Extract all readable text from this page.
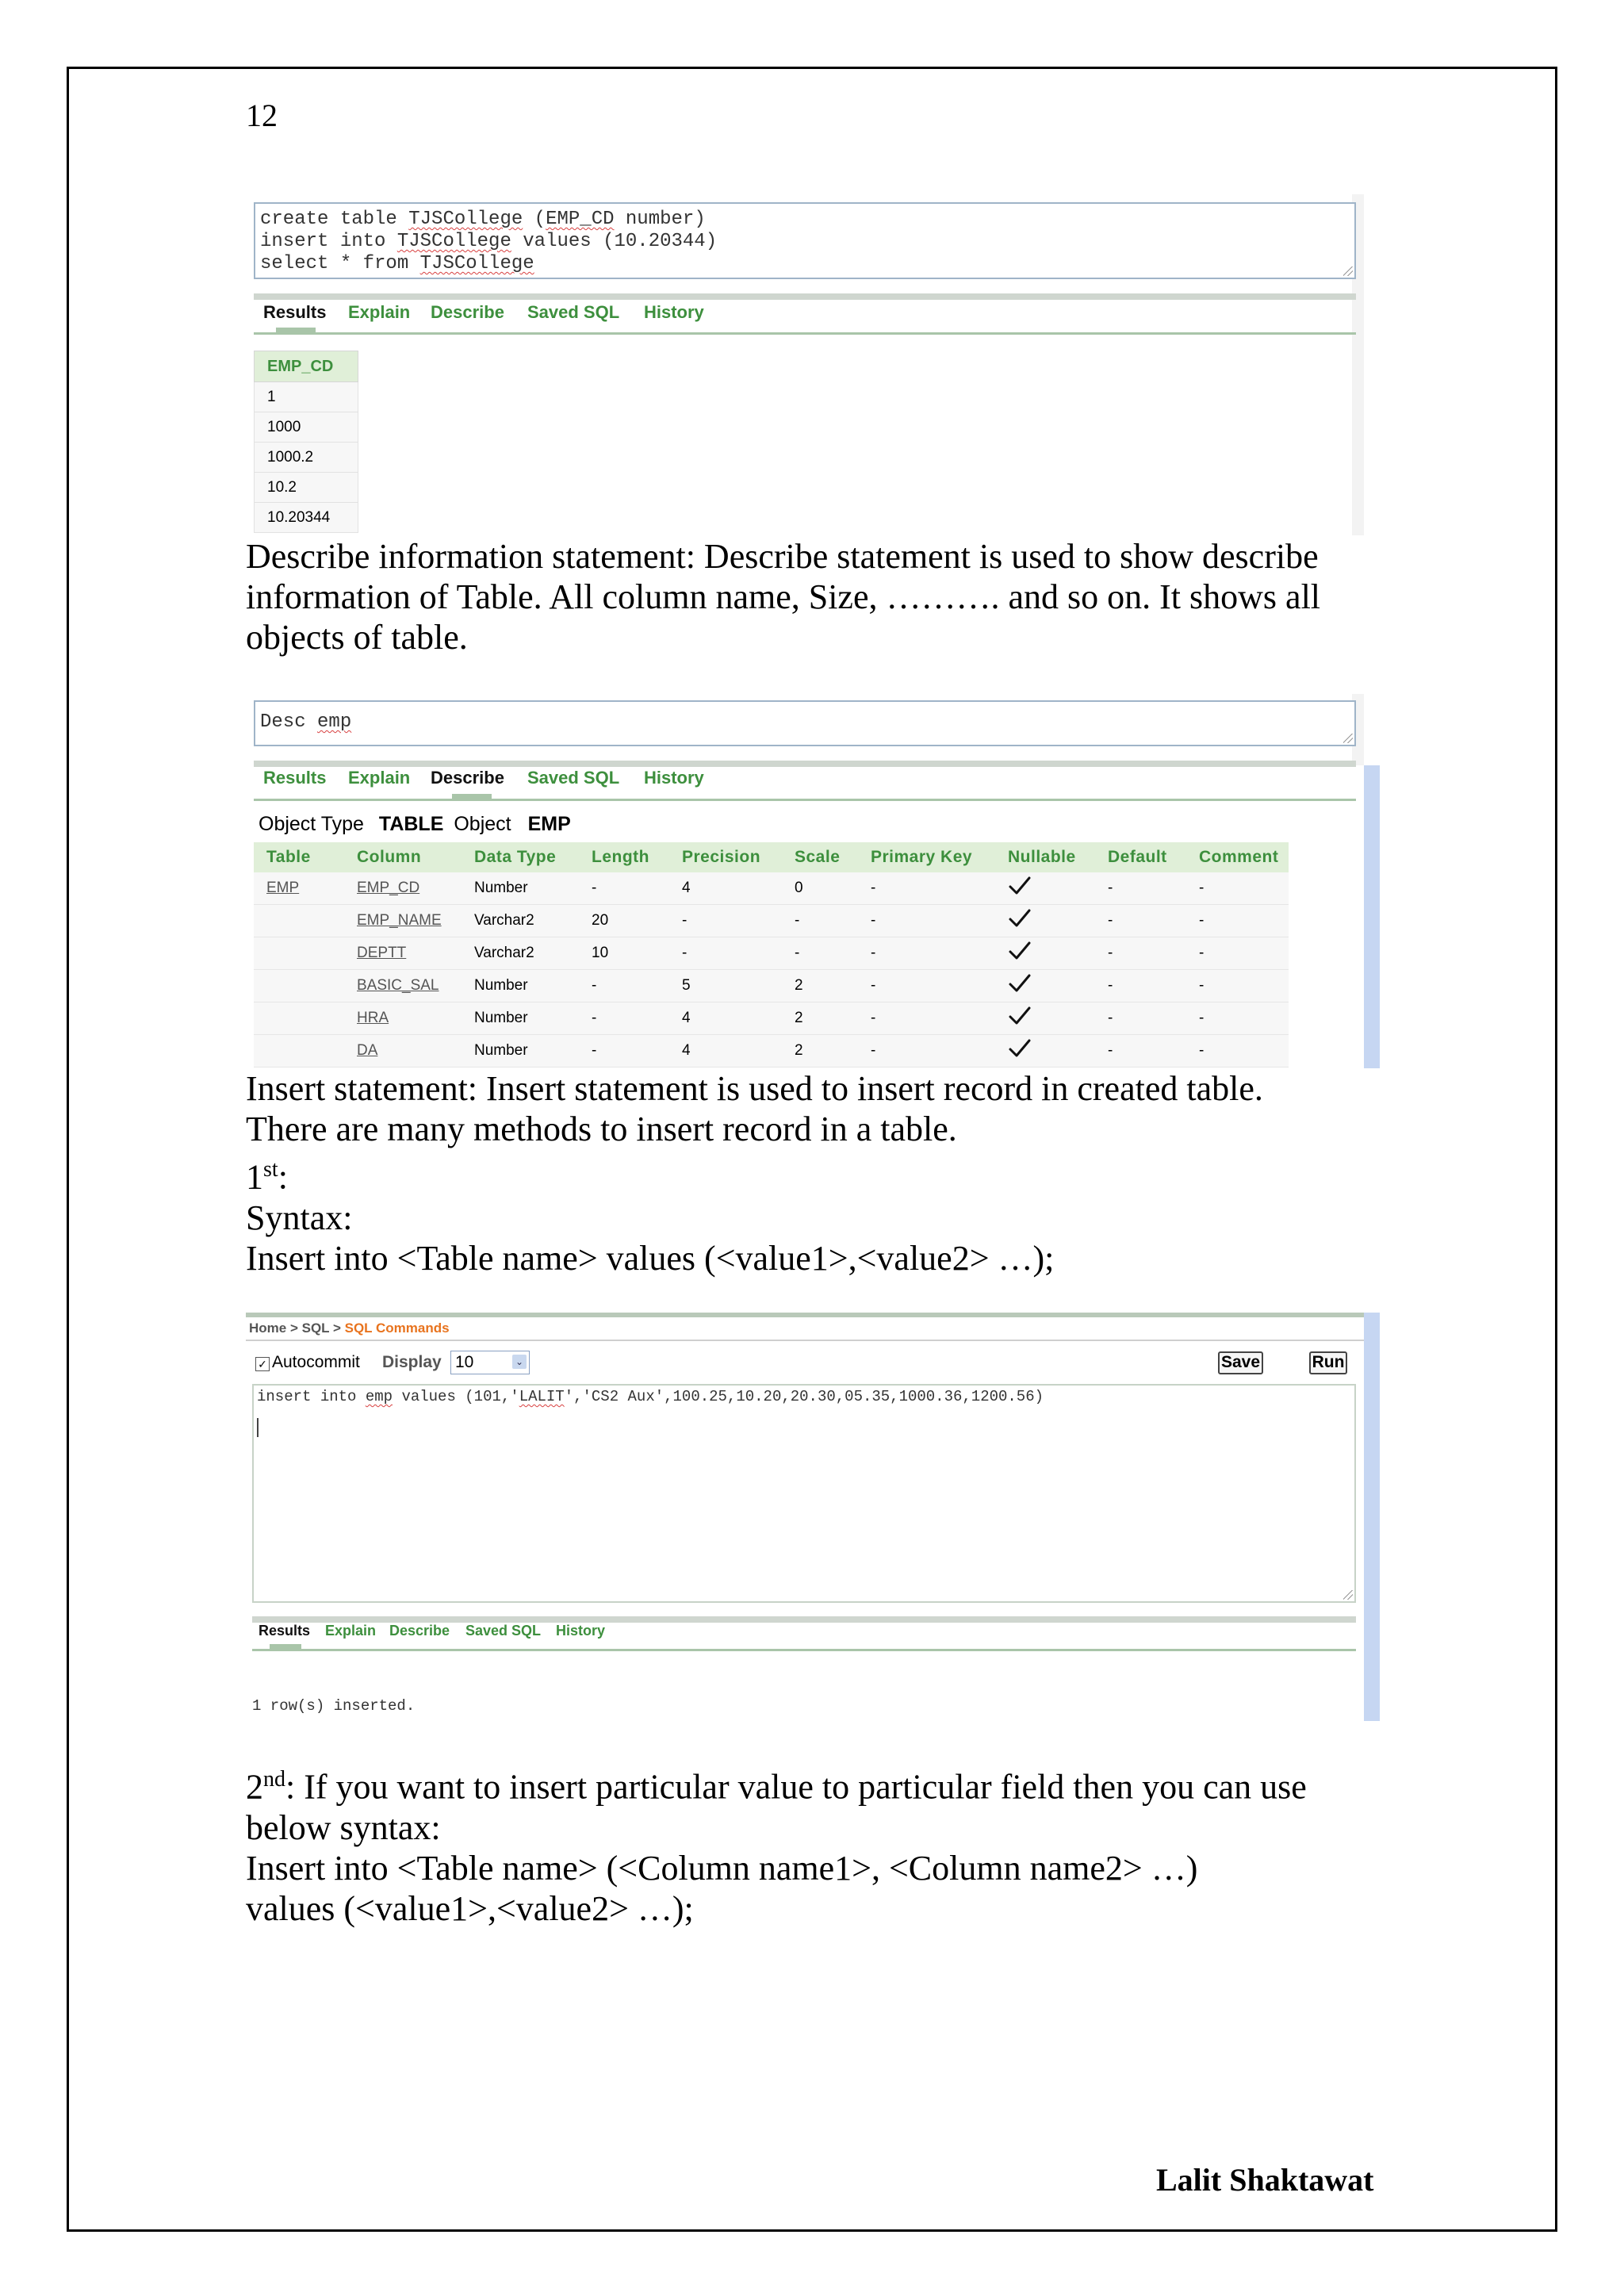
12
create table TJSCollege (EMP_CD number)
insert into TJSCollege values (10.20344)
select * from TJSCollege
Results Explain Describe Saved SQL History
EMP_CD
1
1000
1000.2
10.2
10.20344
Describe information statement: Describe statement is used to show describe
information of Table. All column name, Size, ………. and so on. It shows all
objects of table.
Desc emp
Results Explain Describe Saved SQL History
Object Type TABLE Object EMP
Table	Column	Data Type	Length	Precision	Scale	Primary Key	Nullable	Default	Comment
EMP	EMP_CD	Number	-	4	0	-		-	-
	EMP_NAME	Varchar2	20	-	-	-		-	-
	DEPTT	Varchar2	10	-	-	-		-	-
	BASIC_SAL	Number	-	5	2	-		-	-
	HRA	Number	-	4	2	-		-	-
	DA	Number	-	4	2	-		-	-
Insert statement: Insert statement is used to insert record in created table.
There are many methods to insert record in a table.
1st:
Syntax:
Insert into <Table name> values (<value1>,<value2> …);
Home > SQL > SQL Commands
✓ Autocommit Display 10	⌄	Save	Run
insert into emp values (101,'LALIT','CS2 Aux',100.25,10.20,20.30,05.35,1000.36,1200.56)
Results Explain Describe Saved SQL History
1 row(s) inserted.
2nd: If you want to insert particular value to particular field then you can use
below syntax:
Insert into <Table name> (<Column name1>, <Column name2> …)
values (<value1>,<value2> …);
Lalit Shaktawat
